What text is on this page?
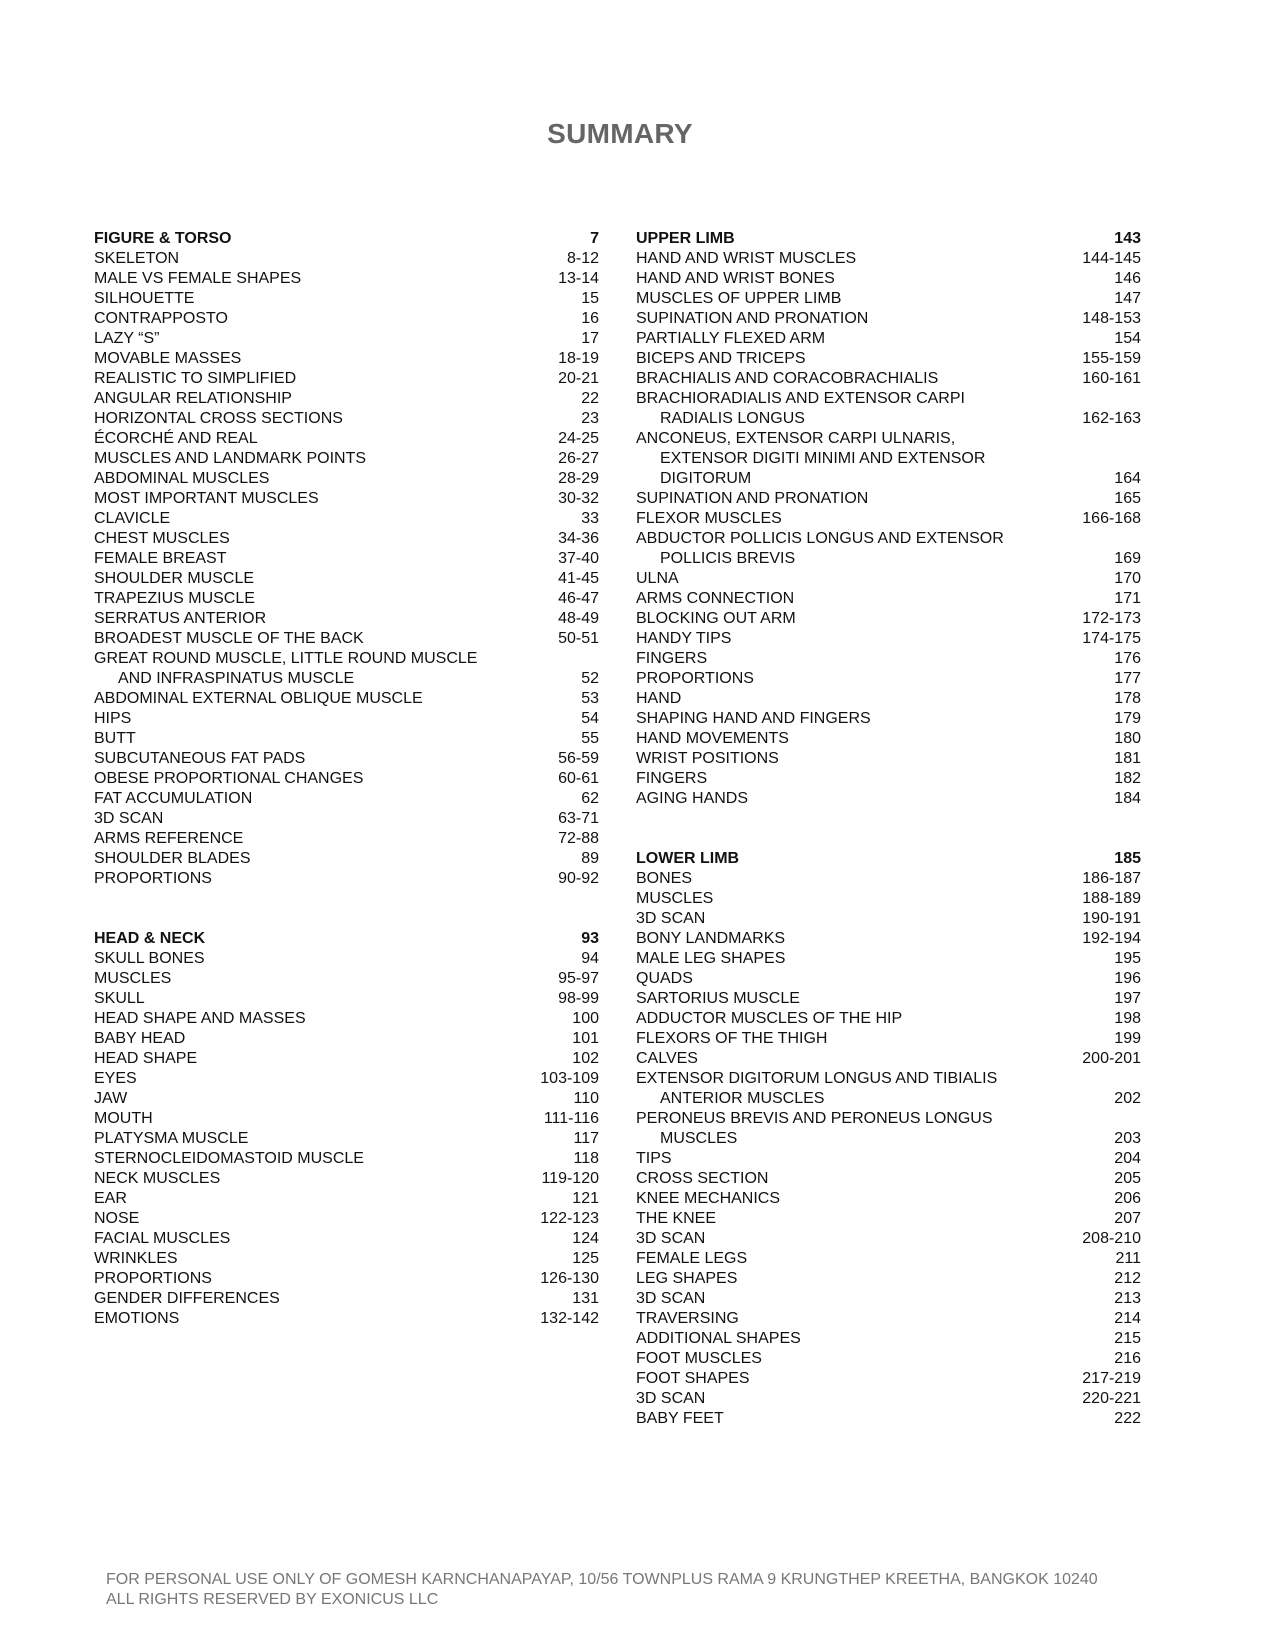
SUMMARY
FIGURE & TORSO	7
SKELETON	8-12
MALE VS FEMALE SHAPES	13-14
SILHOUETTE	15
CONTRAPPOSTO	16
LAZY “S”	17
MOVABLE MASSES	18-19
REALISTIC TO SIMPLIFIED	20-21
ANGULAR RELATIONSHIP	22
HORIZONTAL CROSS SECTIONS	23
ÉCORCHÉ AND REAL	24-25
MUSCLES AND LANDMARK POINTS	26-27
ABDOMINAL MUSCLES	28-29
MOST IMPORTANT MUSCLES	30-32
CLAVICLE	33
CHEST MUSCLES	34-36
FEMALE BREAST	37-40
SHOULDER MUSCLE	41-45
TRAPEZIUS MUSCLE	46-47
SERRATUS ANTERIOR	48-49
BROADEST MUSCLE OF THE BACK	50-51
GREAT ROUND MUSCLE, LITTLE ROUND MUSCLE
AND INFRASPINATUS MUSCLE	52
ABDOMINAL EXTERNAL OBLIQUE MUSCLE	53
HIPS	54
BUTT	55
SUBCUTANEOUS FAT PADS	56-59
OBESE PROPORTIONAL CHANGES	60-61
FAT ACCUMULATION	62
3D SCAN	63-71
ARMS REFERENCE	72-88
SHOULDER BLADES	89
PROPORTIONS	90-92
HEAD & NECK	93
SKULL BONES	94
MUSCLES	95-97
SKULL	98-99
HEAD SHAPE AND MASSES	100
BABY HEAD	101
HEAD SHAPE	102
EYES	103-109
JAW	110
MOUTH	111-116
PLATYSMA MUSCLE	117
STERNOCLEIDOMASTOID MUSCLE	118
NECK MUSCLES	119-120
EAR	121
NOSE	122-123
FACIAL MUSCLES	124
WRINKLES	125
PROPORTIONS	126-130
GENDER DIFFERENCES	131
EMOTIONS	132-142
UPPER LIMB	143
HAND AND WRIST MUSCLES	144-145
HAND AND WRIST BONES	146
MUSCLES OF UPPER LIMB	147
SUPINATION AND PRONATION	148-153
PARTIALLY FLEXED ARM	154
BICEPS AND TRICEPS	155-159
BRACHIALIS AND CORACOBRACHIALIS	160-161
BRACHIORADIALIS AND EXTENSOR CARPI
RADIALIS LONGUS	162-163
ANCONEUS, EXTENSOR CARPI ULNARIS,
EXTENSOR DIGITI MINIMI AND EXTENSOR
DIGITORUM	164
SUPINATION AND PRONATION	165
FLEXOR MUSCLES	166-168
ABDUCTOR POLLICIS LONGUS AND EXTENSOR
POLLICIS BREVIS	169
ULNA	170
ARMS CONNECTION	171
BLOCKING OUT ARM	172-173
HANDY TIPS	174-175
FINGERS	176
PROPORTIONS	177
HAND	178
SHAPING HAND AND FINGERS	179
HAND MOVEMENTS	180
WRIST POSITIONS	181
FINGERS	182
AGING HANDS	184
LOWER LIMB	185
BONES	186-187
MUSCLES	188-189
3D SCAN	190-191
BONY LANDMARKS	192-194
MALE LEG SHAPES	195
QUADS	196
SARTORIUS MUSCLE	197
ADDUCTOR MUSCLES OF THE HIP	198
FLEXORS OF THE THIGH	199
CALVES	200-201
EXTENSOR DIGITORUM LONGUS AND TIBIALIS
ANTERIOR MUSCLES	202
PERONEUS BREVIS AND PERONEUS LONGUS
MUSCLES	203
TIPS	204
CROSS SECTION	205
KNEE MECHANICS	206
THE KNEE	207
3D SCAN	208-210
FEMALE LEGS	211
LEG SHAPES	212
3D SCAN	213
TRAVERSING	214
ADDITIONAL SHAPES	215
FOOT MUSCLES	216
FOOT SHAPES	217-219
3D SCAN	220-221
BABY FEET	222
FOR PERSONAL USE ONLY OF GOMESH KARNCHANAPAYAP, 10/56 TOWNPLUS RAMA 9 KRUNGTHEP KREETHA, BANGKOK 10240
ALL RIGHTS RESERVED BY EXONICUS LLC
